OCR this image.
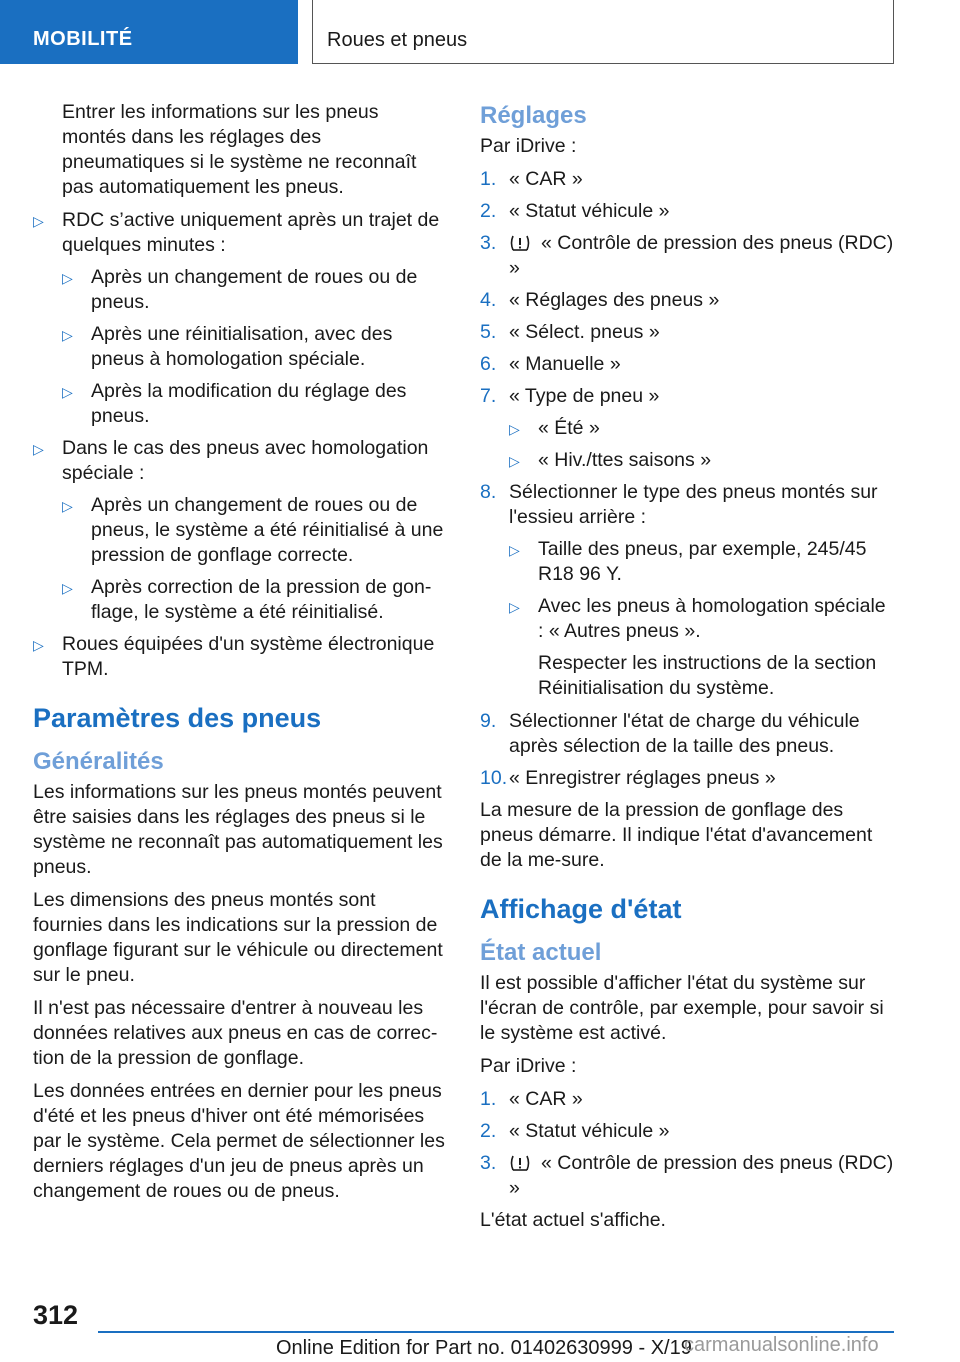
MOBILITÉ	Roues et pneus

Entrer les informations sur les pneus montés dans les réglages des pneumatiques si le système ne reconnaît pas automatiquement les pneus.

▷ RDC s’active uniquement après un trajet de quelques minutes :
▷ Après un changement de roues ou de pneus.
▷ Après une réinitialisation, avec des pneus à homologation spéciale.
▷ Après la modification du réglage des pneus.
▷ Dans le cas des pneus avec homologation spéciale :
▷ Après un changement de roues ou de pneus, le système a été réinitialisé à une pression de gonflage correcte.
▷ Après correction de la pression de gon-flage, le système a été réinitialisé.
▷ Roues équipées d'un système électronique TPM.
Paramètres des pneus
Généralités

Les informations sur les pneus montés peuvent être saisies dans les réglages des pneus si le système ne reconnaît pas automatiquement les pneus.

Les dimensions des pneus montés sont fournies dans les indications sur la pression de gonflage figurant sur le véhicule ou directement sur le pneu.

Il n'est pas nécessaire d'entrer à nouveau les données relatives aux pneus en cas de correc-tion de la pression de gonflage.

Les données entrées en dernier pour les pneus d'été et les pneus d'hiver ont été mémorisées par le système. Cela permet de sélectionner les derniers réglages d'un jeu de pneus après un changement de roues ou de pneus.

Réglages

Par iDrive :

1. « CAR »
2. « Statut véhicule »
3. « Contrôle de pression des pneus (RDC) »
4. « Réglages des pneus »
5. « Sélect. pneus »
6. « Manuelle »
7. « Type de pneu »
▷ « Été »
▷ « Hiv./ttes saisons »
8. Sélectionner le type des pneus montés sur l'essieu arrière :
▷ Taille des pneus, par exemple, 245/45 R18 96 Y.
▷ Avec les pneus à homologation spéciale : « Autres pneus ».

Respecter les instructions de la section Réinitialisation du système.

9. Sélectionner l'état de charge du véhicule après sélection de la taille des pneus.
10. « Enregistrer réglages pneus »

La mesure de la pression de gonflage des pneus démarre. Il indique l'état d'avancement de la me-sure.

Affichage d'état
État actuel

Il est possible d'afficher l'état du système sur l'écran de contrôle, par exemple, pour savoir si le système est activé.

Par iDrive :

1. « CAR »
2. « Statut véhicule »
3. « Contrôle de pression des pneus (RDC) »

L'état actuel s'affiche.

312
Online Edition for Part no. 01402630999 - X/19
carmanualsonline.info
